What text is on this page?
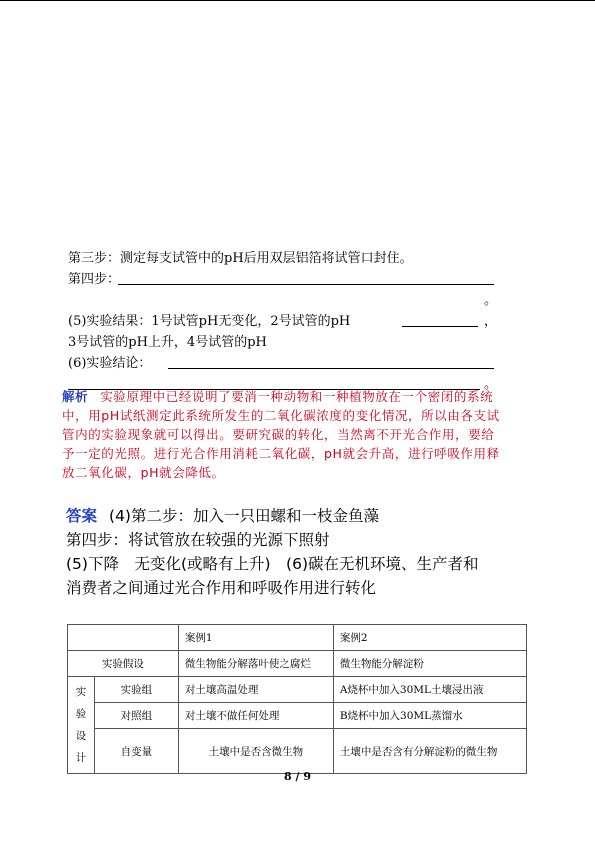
第三步：测定每支试管中的pH后用双层铝箔将试管口封住。
第四步：
。
(5)实验结果：1号试管pH无变化，2号试管的pH	，
3号试管的pH上升，4号试管的pH
(6)实验结论：
。
解析 实验原理中已经说明了要消一种动物和一种植物放在一个密闭的系统中，用pH试纸测定此系统所发生的二氧化碳浓度的变化情况，所以由各支试管内的实验现象就可以得出。要研究碳的转化，当然离不开光合作用，要给予一定的光照。进行光合作用消耗二氧化碳，pH就会升高，进行呼吸作用释放二氧化碳，pH就会降低。
答案 (4)第二步：加入一只田螺和一枝金鱼藻
第四步：将试管放在较强的光源下照射
(5)下降　无变化(或略有上升)　(6)碳在无机环境、生产者和
消费者之间通过光合作用和呼吸作用进行转化
		案例1	案例2
实验假设		微生物能分解落叶使之腐烂	微生物能分解淀粉

实
验
设
计	实验组	对土壤高温处理	A烧杯中加入30ML土壤浸出液
	对照组	对土壤不做任何处理	B烧杯中加入30ML蒸馏水
	自变量	土壤中是否含微生物	土壤中是否含有分解淀粉的微生物
8 / 9
